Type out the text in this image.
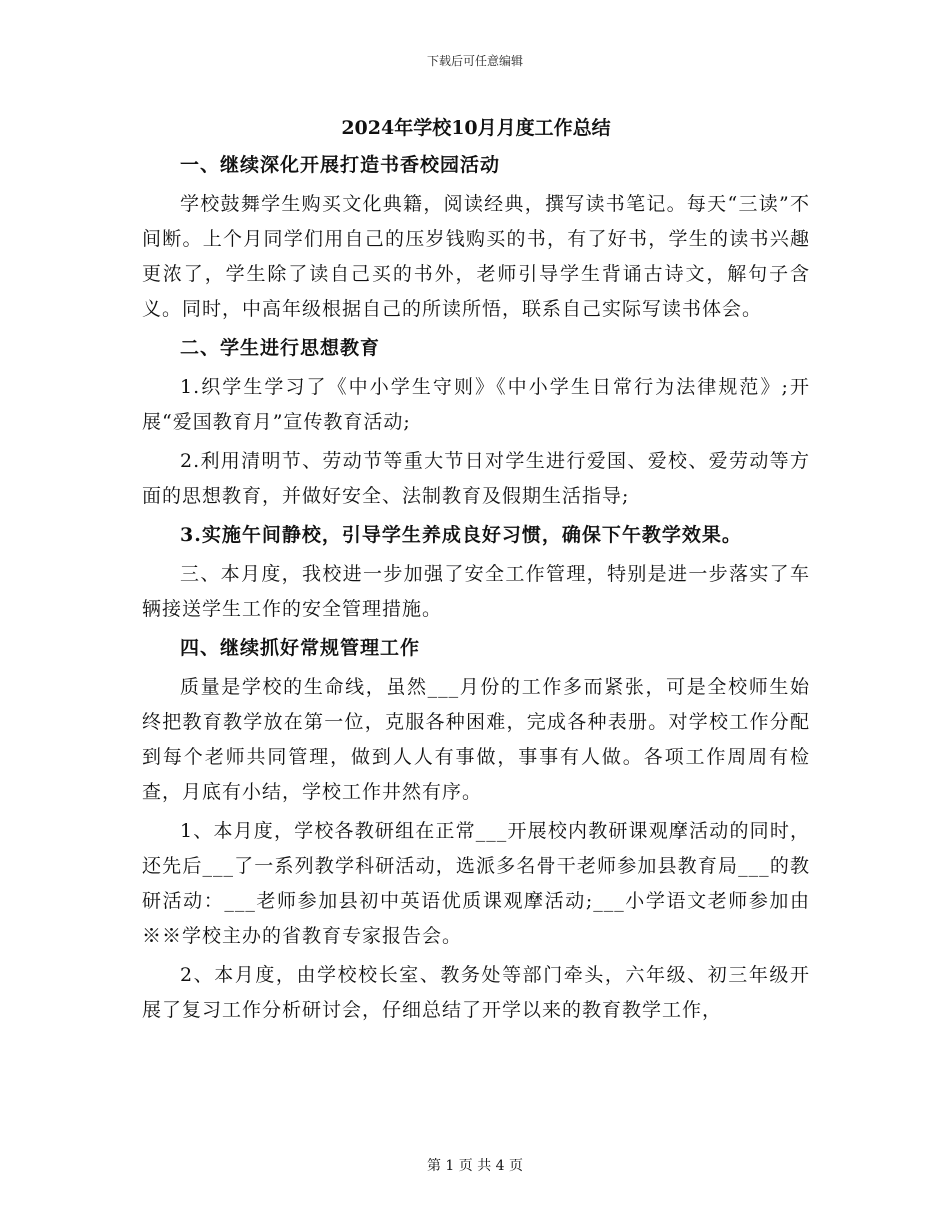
下载后可任意编辑

2024年学校10月月度工作总结

一、继续深化开展打造书香校园活动

学校鼓舞学生购买文化典籍，阅读经典，撰写读书笔记。每天“三读”不间断。上个月同学们用自己的压岁钱购买的书，有了好书，学生的读书兴趣更浓了，学生除了读自己买的书外，老师引导学生背诵古诗文，解句子含义。同时，中高年级根据自己的所读所悟，联系自己实际写读书体会。

二、学生进行思想教育

1.织学生学习了《中小学生守则》《中小学生日常行为法律规范》;开展“爱国教育月”宣传教育活动;

2.利用清明节、劳动节等重大节日对学生进行爱国、爱校、爱劳动等方面的思想教育，并做好安全、法制教育及假期生活指导;

3.实施午间静校，引导学生养成良好习惯，确保下午教学效果。

三、本月度，我校进一步加强了安全工作管理，特别是进一步落实了车辆接送学生工作的安全管理措施。

四、继续抓好常规管理工作

质量是学校的生命线，虽然___月份的工作多而紧张，可是全校师生始终把教育教学放在第一位，克服各种困难，完成各种表册。对学校工作分配到每个老师共同管理，做到人人有事做，事事有人做。各项工作周周有检查，月底有小结，学校工作井然有序。

1、本月度，学校各教研组在正常___开展校内教研课观摩活动的同时，还先后___了一系列教学科研活动，选派多名骨干老师参加县教育局___的教研活动：___老师参加县初中英语优质课观摩活动;___小学语文老师参加由※※学校主办的省教育专家报告会。

2、本月度，由学校校长室、教务处等部门牵头，六年级、初三年级开展了复习工作分析研讨会，仔细总结了开学以来的教育教学工作，

第 1 页 共 4 页
